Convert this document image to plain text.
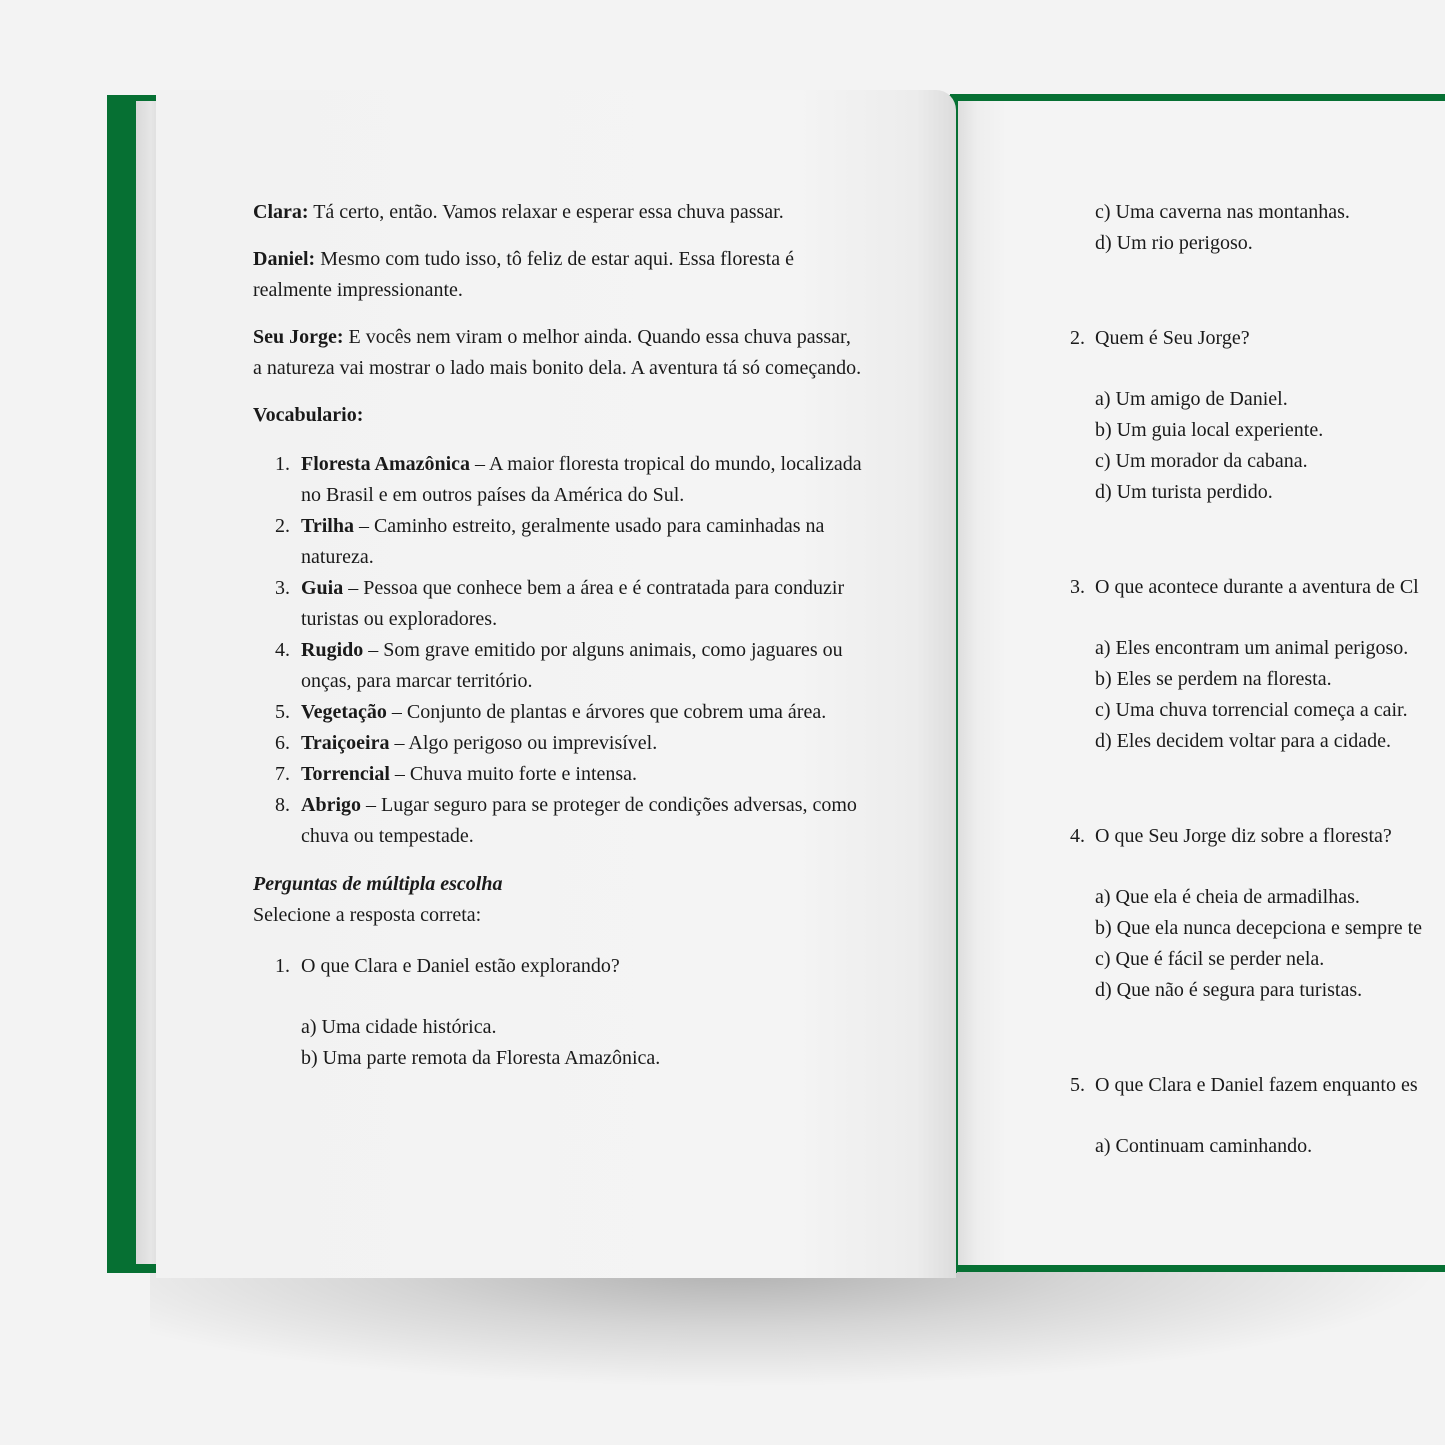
Clara: Tá certo, então. Vamos relaxar e esperar essa chuva passar.

Daniel: Mesmo com tudo isso, tô feliz de estar aqui. Essa floresta é realmente impressionante.

Seu Jorge: E vocês nem viram o melhor ainda. Quando essa chuva passar, a natureza vai mostrar o lado mais bonito dela. A aventura tá só começando.

Vocabulario:
1. Floresta Amazônica – A maior floresta tropical do mundo, localizada no Brasil e em outros países da América do Sul.
2. Trilha – Caminho estreito, geralmente usado para caminhadas na natureza.
3. Guia – Pessoa que conhece bem a área e é contratada para conduzir turistas ou exploradores.
4. Rugido – Som grave emitido por alguns animais, como jaguares ou onças, para marcar território.
5. Vegetação – Conjunto de plantas e árvores que cobrem uma área.
6. Traiçoeira – Algo perigoso ou imprevisível.
7. Torrencial – Chuva muito forte e intensa.
8. Abrigo – Lugar seguro para se proteger de condições adversas, como chuva ou tempestade.
Perguntas de múltipla escolha
Selecione a resposta correta:
1. O que Clara e Daniel estão explorando?
a) Uma cidade histórica.
b) Uma parte remota da Floresta Amazônica.
c) Uma caverna nas montanhas.
d) Um rio perigoso.
2. Quem é Seu Jorge?
a) Um amigo de Daniel.
b) Um guia local experiente.
c) Um morador da cabana.
d) Um turista perdido.
3. O que acontece durante a aventura de Cl
a) Eles encontram um animal perigoso.
b) Eles se perdem na floresta.
c) Uma chuva torrencial começa a cair.
d) Eles decidem voltar para a cidade.
4. O que Seu Jorge diz sobre a floresta?
a) Que ela é cheia de armadilhas.
b) Que ela nunca decepciona e sempre te
c) Que é fácil se perder nela.
d) Que não é segura para turistas.
5. O que Clara e Daniel fazem enquanto es
a) Continuam caminhando.
